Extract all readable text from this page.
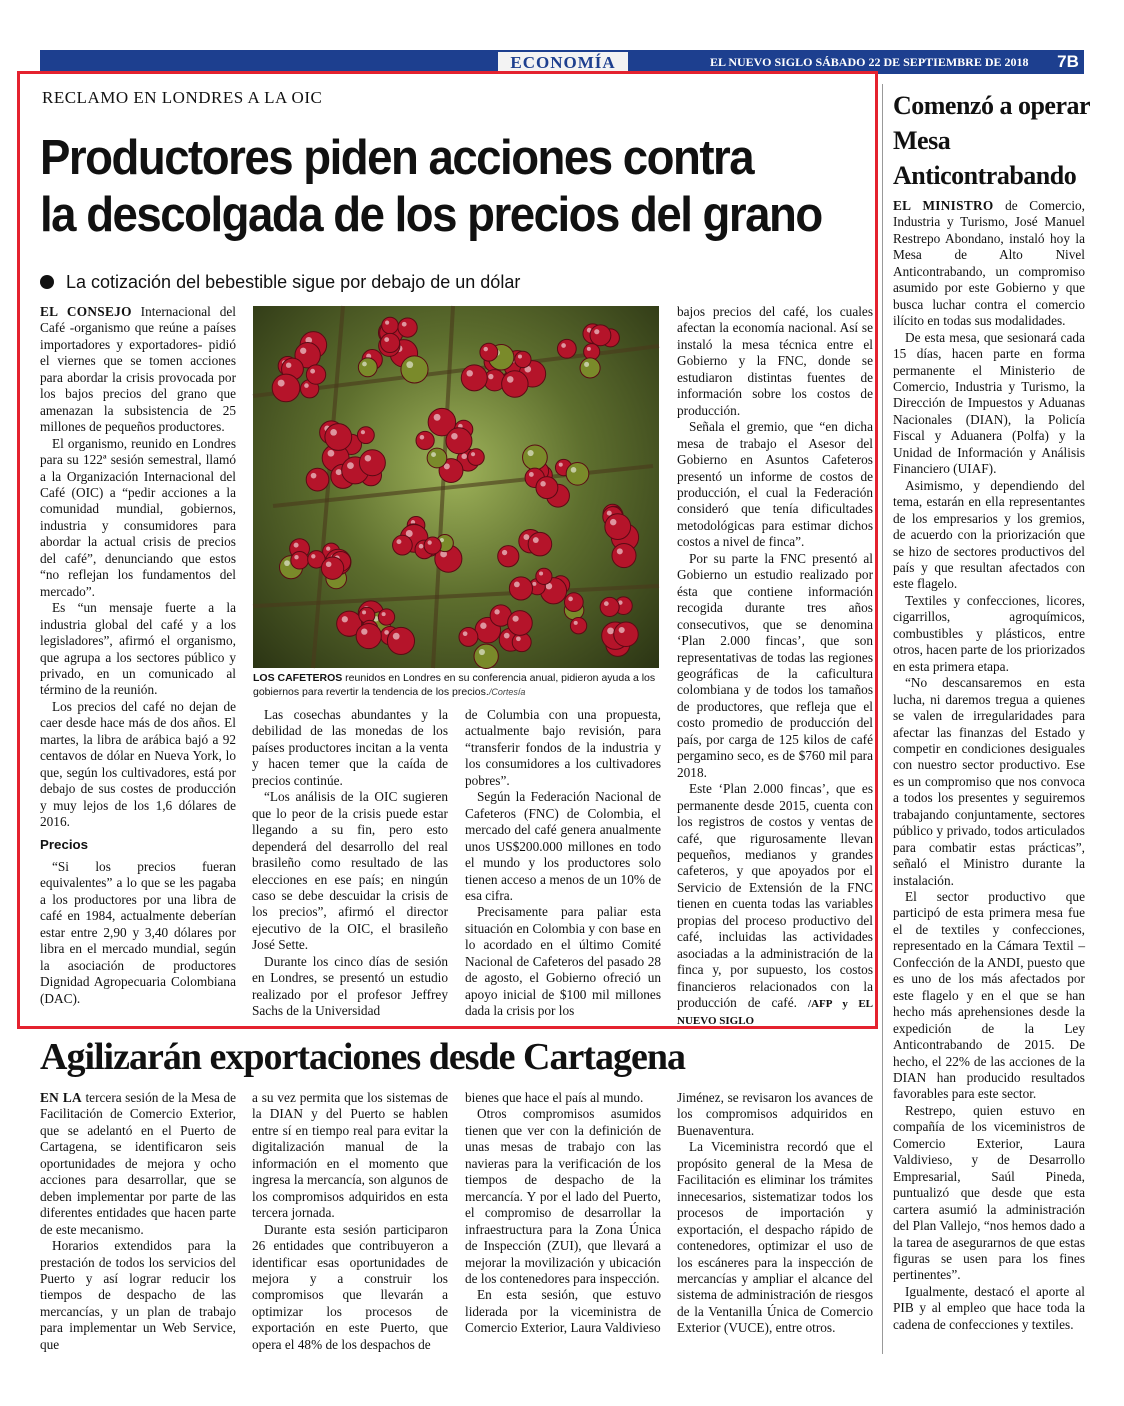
ECONOMÍA	EL NUEVO SIGLO SÁBADO 22 DE SEPTIEMBRE DE 2018	7B
RECLAMO EN LONDRES A LA OIC
Productores piden acciones contra
la descolgada de los precios del grano
La cotización del bebestible sigue por debajo de un dólar

EL CONSEJO Internacional del Café -organismo que reúne a países importadores y exportadores- pidió el viernes que se tomen acciones para abordar la crisis provocada por los bajos precios del grano que amenazan la subsistencia de 25 millones de pequeños productores.

El organismo, reunido en Londres para su 122ª sesión semestral, llamó a la Organización Internacional del Café (OIC) a “pedir acciones a la comunidad mundial, gobiernos, industria y consumidores para abordar la actual crisis de precios del café”, denunciando que estos “no reflejan los fundamentos del mercado”.

Es “un mensaje fuerte a la industria global del café y a los legisladores”, afirmó el organismo, que agrupa a los sectores público y privado, en un comunicado al término de la reunión.

Los precios del café no dejan de caer desde hace más de dos años. El martes, la libra de arábica bajó a 92 centavos de dólar en Nueva York, lo que, según los cultivadores, está por debajo de sus costes de producción y muy lejos de los 1,6 dólares de 2016.

Precios

“Si los precios fueran equivalentes” a lo que se les pagaba a los productores por una libra de café en 1984, actualmente deberían estar entre 2,90 y 3,40 dólares por libra en el mercado mundial, según la asociación de productores Dignidad Agropecuaria Colombiana (DAC).

LOS CAFETEROS reunidos en Londres en su conferencia anual, pidieron ayuda a los gobiernos para revertir la tendencia de los precios./Cortesía

Las cosechas abundantes y la debilidad de las monedas de los países productores incitan a la venta y hacen temer que la caída de precios continúe.

“Los análisis de la OIC sugieren que lo peor de la crisis puede estar llegando a su fin, pero esto dependerá del desarrollo del real brasileño como resultado de las elecciones en ese país; en ningún caso se debe descuidar la crisis de los precios”, afirmó el director ejecutivo de la OIC, el brasileño José Sette.

Durante los cinco días de sesión en Londres, se presentó un estudio realizado por el profesor Jeffrey Sachs de la Universidad

de Columbia con una propuesta, actualmente bajo revisión, para “transferir fondos de la industria y los consumidores a los cultivadores pobres”.

Según la Federación Nacional de Cafeteros (FNC) de Colombia, el mercado del café genera anualmente unos US$200.000 millones en todo el mundo y los productores solo tienen acceso a menos de un 10% de esa cifra.

Precisamente para paliar esta situación en Colombia y con base en lo acordado en el último Comité Nacional de Cafeteros del pasado 28 de agosto, el Gobierno ofreció un apoyo inicial de $100 mil millones dada la crisis por los

bajos precios del café, los cuales afectan la economía nacional. Así se instaló la mesa técnica entre el Gobierno y la FNC, donde se estudiaron distintas fuentes de información sobre los costos de producción.

Señala el gremio, que “en dicha mesa de trabajo el Asesor del Gobierno en Asuntos Cafeteros presentó un informe de costos de producción, el cual la Federación consideró que tenía dificultades metodológicas para estimar dichos costos a nivel de finca”.

Por su parte la FNC presentó al Gobierno un estudio realizado por ésta que contiene información recogida durante tres años consecutivos, que se denomina ‘Plan 2.000 fincas’, que son representativas de todas las regiones geográficas de la caficultura colombiana y de todos los tamaños de productores, que refleja que el costo promedio de producción del país, por carga de 125 kilos de café pergamino seco, es de $760 mil para 2018.

Este ‘Plan 2.000 fincas’, que es permanente desde 2015, cuenta con los registros de costos y ventas de café, que rigurosamente llevan pequeños, medianos y grandes cafeteros, y que apoyados por el Servicio de Extensión de la FNC tienen en cuenta todas las variables propias del proceso productivo del café, incluidas las actividades asociadas a la administración de la finca y, por supuesto, los costos financieros relacionados con la producción de café. /AFP y EL NUEVO SIGLO

Comenzó a operar Mesa Anticontrabando

EL MINISTRO de Comercio, Industria y Turismo, José Manuel Restrepo Abondano, instaló hoy la Mesa de Alto Nivel Anticontrabando, un compromiso asumido por este Gobierno y que busca luchar contra el comercio ilícito en todas sus modalidades.

De esta mesa, que sesionará cada 15 días, hacen parte en forma permanente el Ministerio de Comercio, Industria y Turismo, la Dirección de Impuestos y Aduanas Nacionales (DIAN), la Policía Fiscal y Aduanera (Polfa) y la Unidad de Información y Análisis Financiero (UIAF).

Asimismo, y dependiendo del tema, estarán en ella representantes de los empresarios y los gremios, de acuerdo con la priorización que se hizo de sectores productivos del país y que resultan afectados con este flagelo.

Textiles y confecciones, licores, cigarrillos, agroquímicos, combustibles y plásticos, entre otros, hacen parte de los priorizados en esta primera etapa.

“No descansaremos en esta lucha, ni daremos tregua a quienes se valen de irregularidades para afectar las finanzas del Estado y competir en condiciones desiguales con nuestro sector productivo. Ese es un compromiso que nos convoca a todos los presentes y seguiremos trabajando conjuntamente, sectores público y privado, todos articulados para combatir estas prácticas”, señaló el Ministro durante la instalación.

El sector productivo que participó de esta primera mesa fue el de textiles y confecciones, representado en la Cámara Textil – Confección de la ANDI, puesto que es uno de los más afectados por este flagelo y en el que se han hecho más aprehensiones desde la expedición de la Ley Anticontrabando de 2015. De hecho, el 22% de las acciones de la DIAN han producido resultados favorables para este sector.

Restrepo, quien estuvo en compañía de los viceministros de Comercio Exterior, Laura Valdivieso, y de Desarrollo Empresarial, Saúl Pineda, puntualizó que desde que esta cartera asumió la administración del Plan Vallejo, “nos hemos dado a la tarea de asegurarnos de que estas figuras se usen para los fines pertinentes”.

Igualmente, destacó el aporte al PIB y al empleo que hace toda la cadena de confecciones y textiles.

Agilizarán exportaciones desde Cartagena

EN LA tercera sesión de la Mesa de Facilitación de Comercio Exterior, que se adelantó en el Puerto de Cartagena, se identificaron seis oportunidades de mejora y ocho acciones para desarrollar, que se deben implementar por parte de las diferentes entidades que hacen parte de este mecanismo.

Horarios extendidos para la prestación de todos los servicios del Puerto y así lograr reducir los tiempos de despacho de las mercancías, y un plan de trabajo para implementar un Web Service, que

a su vez permita que los sistemas de la DIAN y del Puerto se hablen entre sí en tiempo real para evitar la digitalización manual de la información en el momento que ingresa la mercancía, son algunos de los compromisos adquiridos en esta tercera jornada.

Durante esta sesión participaron 26 entidades que contribuyeron a identificar esas oportunidades de mejora y a construir los compromisos que llevarán a optimizar los procesos de exportación en este Puerto, que opera el 48% de los despachos de

bienes que hace el país al mundo.

Otros compromisos asumidos tienen que ver con la definición de unas mesas de trabajo con las navieras para la verificación de los tiempos de despacho de la mercancía. Y por el lado del Puerto, el compromiso de desarrollar la infraestructura para la Zona Única de Inspección (ZUI), que llevará a mejorar la movilización y ubicación de los contenedores para inspección.

En esta sesión, que estuvo liderada por la viceministra de Comercio Exterior, Laura Valdivieso

Jiménez, se revisaron los avances de los compromisos adquiridos en Buenaventura.

La Viceministra recordó que el propósito general de la Mesa de Facilitación es eliminar los trámites innecesarios, sistematizar todos los procesos de importación y exportación, el despacho rápido de contenedores, optimizar el uso de los escáneres para la inspección de mercancías y ampliar el alcance del sistema de administración de riesgos de la Ventanilla Única de Comercio Exterior (VUCE), entre otros.
